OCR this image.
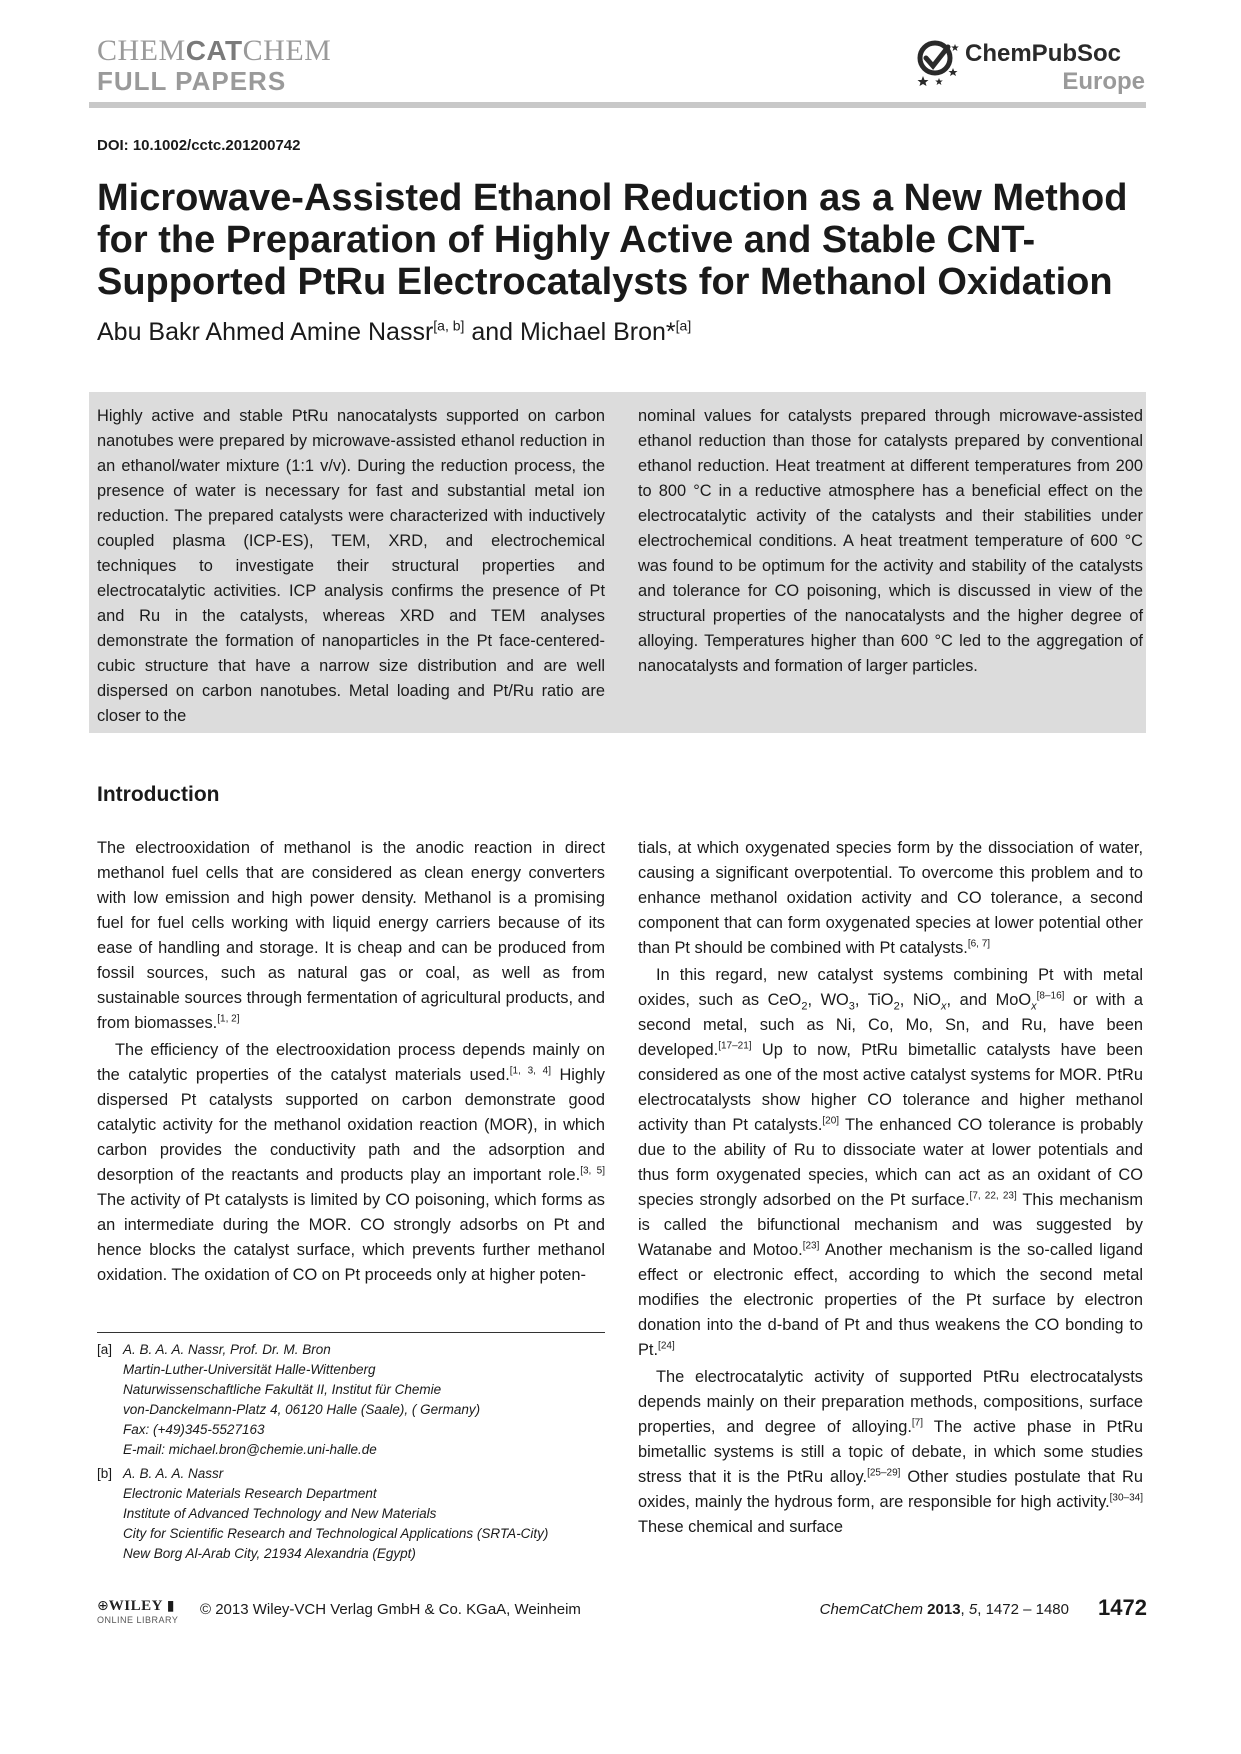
CHEMCATCHEM
FULL PAPERS
ChemPubSoc
Europe
DOI: 10.1002/cctc.201200742
Microwave-Assisted Ethanol Reduction as a New Method for the Preparation of Highly Active and Stable CNT-Supported PtRu Electrocatalysts for Methanol Oxidation
Abu Bakr Ahmed Amine Nassr[a, b] and Michael Bron*[a]

Highly active and stable PtRu nanocatalysts supported on carbon nanotubes were prepared by microwave-assisted ethanol reduction in an ethanol/water mixture (1:1 v/v). During the reduction process, the presence of water is necessary for fast and substantial metal ion reduction. The prepared catalysts were characterized with inductively coupled plasma (ICP-ES), TEM, XRD, and electrochemical techniques to investigate their structural properties and electrocatalytic activities. ICP analysis confirms the presence of Pt and Ru in the catalysts, whereas XRD and TEM analyses demonstrate the formation of nanoparticles in the Pt face-centered-cubic structure that have a narrow size distribution and are well dispersed on carbon nanotubes. Metal loading and Pt/Ru ratio are closer to the

nominal values for catalysts prepared through microwave-assisted ethanol reduction than those for catalysts prepared by conventional ethanol reduction. Heat treatment at different temperatures from 200 to 800 °C in a reductive atmosphere has a beneficial effect on the electrocatalytic activity of the catalysts and their stabilities under electrochemical conditions. A heat treatment temperature of 600 °C was found to be optimum for the activity and stability of the catalysts and tolerance for CO poisoning, which is discussed in view of the structural properties of the nanocatalysts and the higher degree of alloying. Temperatures higher than 600 °C led to the aggregation of nanocatalysts and formation of larger particles.

Introduction

The electrooxidation of methanol is the anodic reaction in direct methanol fuel cells that are considered as clean energy converters with low emission and high power density. Methanol is a promising fuel for fuel cells working with liquid energy carriers because of its ease of handling and storage. It is cheap and can be produced from fossil sources, such as natural gas or coal, as well as from sustainable sources through fermentation of agricultural products, and from biomasses.[1, 2]

The efficiency of the electrooxidation process depends mainly on the catalytic properties of the catalyst materials used.[1, 3, 4] Highly dispersed Pt catalysts supported on carbon demonstrate good catalytic activity for the methanol oxidation reaction (MOR), in which carbon provides the conductivity path and the adsorption and desorption of the reactants and products play an important role.[3, 5] The activity of Pt catalysts is limited by CO poisoning, which forms as an intermediate during the MOR. CO strongly adsorbs on Pt and hence blocks the catalyst surface, which prevents further methanol oxidation. The oxidation of CO on Pt proceeds only at higher poten-

tials, at which oxygenated species form by the dissociation of water, causing a significant overpotential. To overcome this problem and to enhance methanol oxidation activity and CO tolerance, a second component that can form oxygenated species at lower potential other than Pt should be combined with Pt catalysts.[6, 7]

In this regard, new catalyst systems combining Pt with metal oxides, such as CeO$_2$, $WO_3$, TiO$_2$, NiO$_x$, and MoO$_x$[8–16] or with a second metal, such as Ni, Co, Mo, Sn, and Ru, have been developed.[17–21] Up to now, PtRu bimetallic catalysts have been considered as one of the most active catalyst systems for MOR. PtRu electrocatalysts show higher CO tolerance and higher methanol activity than Pt catalysts.[20] The enhanced CO tolerance is probably due to the ability of Ru to dissociate water at lower potentials and thus form oxygenated species, which can act as an oxidant of CO species strongly adsorbed on the Pt surface.[7, 22, 23] This mechanism is called the bifunctional mechanism and was suggested by Watanabe and Motoo.[23] Another mechanism is the so-called ligand effect or electronic effect, according to which the second metal modifies the electronic properties of the Pt surface by electron donation into the d-band of Pt and thus weakens the CO bonding to Pt.[24]

The electrocatalytic activity of supported PtRu electrocatalysts depends mainly on their preparation methods, compositions, surface properties, and degree of alloying.[7] The active phase in PtRu bimetallic systems is still a topic of debate, in which some studies stress that it is the PtRu alloy.[25–29] Other studies postulate that Ru oxides, mainly the hydrous form, are responsible for high activity.[30–34] These chemical and surface

[a] A. B. A. A. Nassr, Prof. Dr. M. Bron
Martin-Luther-Universität Halle-Wittenberg
Naturwissenschaftliche Fakultät II, Institut für Chemie
von-Danckelmann-Platz 4, 06120 Halle (Saale), ( Germany)
Fax: (+49)345-5527163
E-mail: michael.bron@chemie.uni-halle.de
[b] A. B. A. A. Nassr
Electronic Materials Research Department
Institute of Advanced Technology and New Materials
City for Scientific Research and Technological Applications (SRTA-City)
New Borg Al-Arab City, 21934 Alexandria (Egypt)
⊕WILEY ▮
ONLINE LIBRARY
© 2013 Wiley-VCH Verlag GmbH & Co. KGaA, Weinheim	ChemCatChem 2013, 5, 1472 – 1480 1472
